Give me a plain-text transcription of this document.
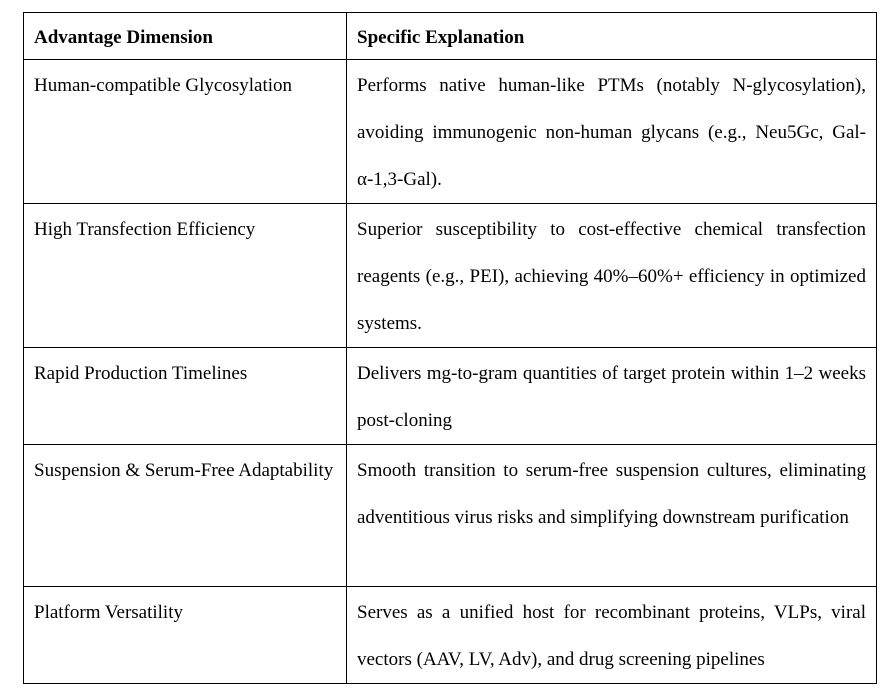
Advantage Dimension	Specific Explanation

Human-compatible Glycosylation	Performs native human-like PTMs (notably N-glycosylation), avoiding immunogenic non-human glycans (e.g., Neu5Gc, Gal-α-1,3-Gal).

High Transfection Efficiency	Superior susceptibility to cost-effective chemical transfection reagents (e.g., PEI), achieving 40%–60%+ efficiency in optimized systems.

Rapid Production Timelines	Delivers mg-to-gram quantities of target protein within 1–2 weeks post-cloning

Suspension & Serum-Free Adaptability	Smooth transition to serum-free suspension cultures, eliminating adventitious virus risks and simplifying downstream purification

Platform Versatility	Serves as a unified host for recombinant proteins, VLPs, viral vectors (AAV, LV, Adv), and drug screening pipelines
